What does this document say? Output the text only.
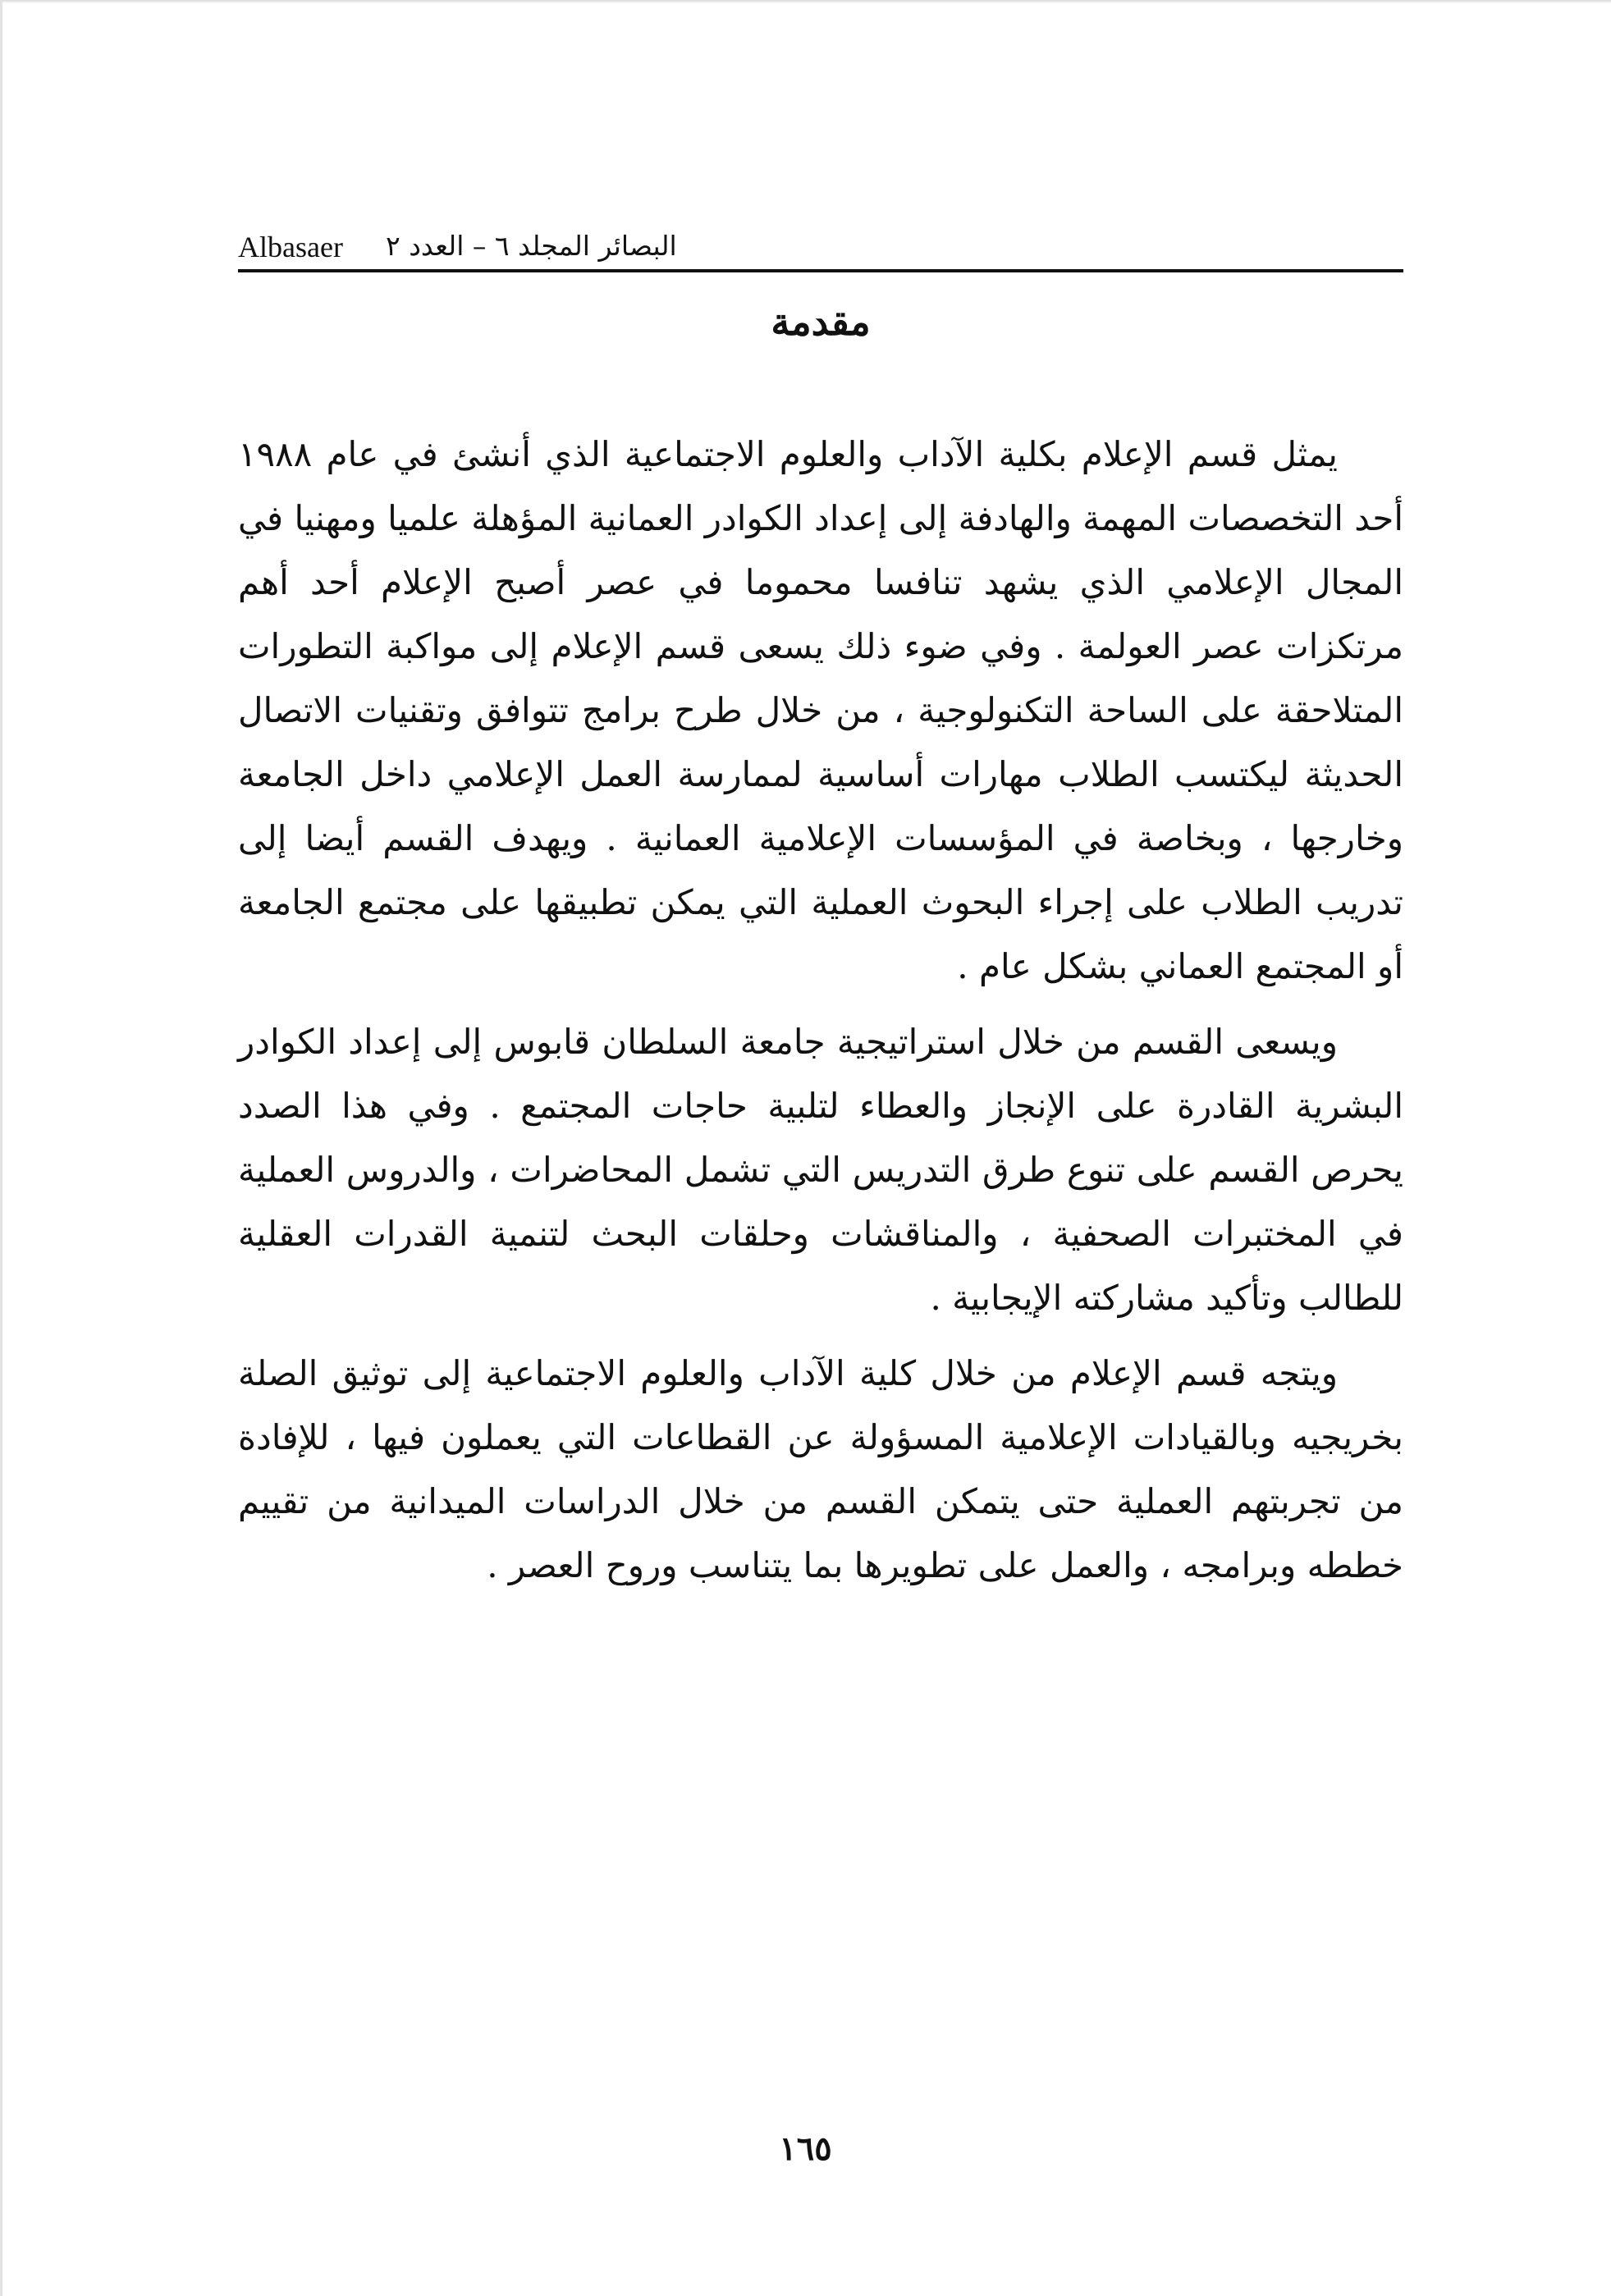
Albasaer البصائر المجلد ٦ – العدد ٢
مقدمة

يمثل قسم الإعلام بكلية الآداب والعلوم الاجتماعية الذي أنشئ في عام ١٩٨٨ أحد التخصصات المهمة والهادفة إلى إعداد الكوادر العمانية المؤهلة علميا ومهنيا في المجال الإعلامي الذي يشهد تنافسا محموما في عصر أصبح الإعلام أحد أهم مرتكزات عصر العولمة . وفي ضوء ذلك يسعى قسم الإعلام إلى مواكبة التطورات المتلاحقة على الساحة التكنولوجية ، من خلال طرح برامج تتوافق وتقنيات الاتصال الحديثة ليكتسب الطلاب مهارات أساسية لممارسة العمل الإعلامي داخل الجامعة وخارجها ، وبخاصة في المؤسسات الإعلامية العمانية . ويهدف القسم أيضا إلى تدريب الطلاب على إجراء البحوث العملية التي يمكن تطبيقها على مجتمع الجامعة أو المجتمع العماني بشكل عام .

ويسعى القسم من خلال استراتيجية جامعة السلطان قابوس إلى إعداد الكوادر البشرية القادرة على الإنجاز والعطاء لتلبية حاجات المجتمع . وفي هذا الصدد يحرص القسم على تنوع طرق التدريس التي تشمل المحاضرات ، والدروس العملية في المختبرات الصحفية ، والمناقشات وحلقات البحث لتنمية القدرات العقلية للطالب وتأكيد مشاركته الإيجابية .

ويتجه قسم الإعلام من خلال كلية الآداب والعلوم الاجتماعية إلى توثيق الصلة بخريجيه وبالقيادات الإعلامية المسؤولة عن القطاعات التي يعملون فيها ، للإفادة من تجربتهم العملية حتى يتمكن القسم من خلال الدراسات الميدانية من تقييم خططه وبرامجه ، والعمل على تطويرها بما يتناسب وروح العصر .

١٦٥
